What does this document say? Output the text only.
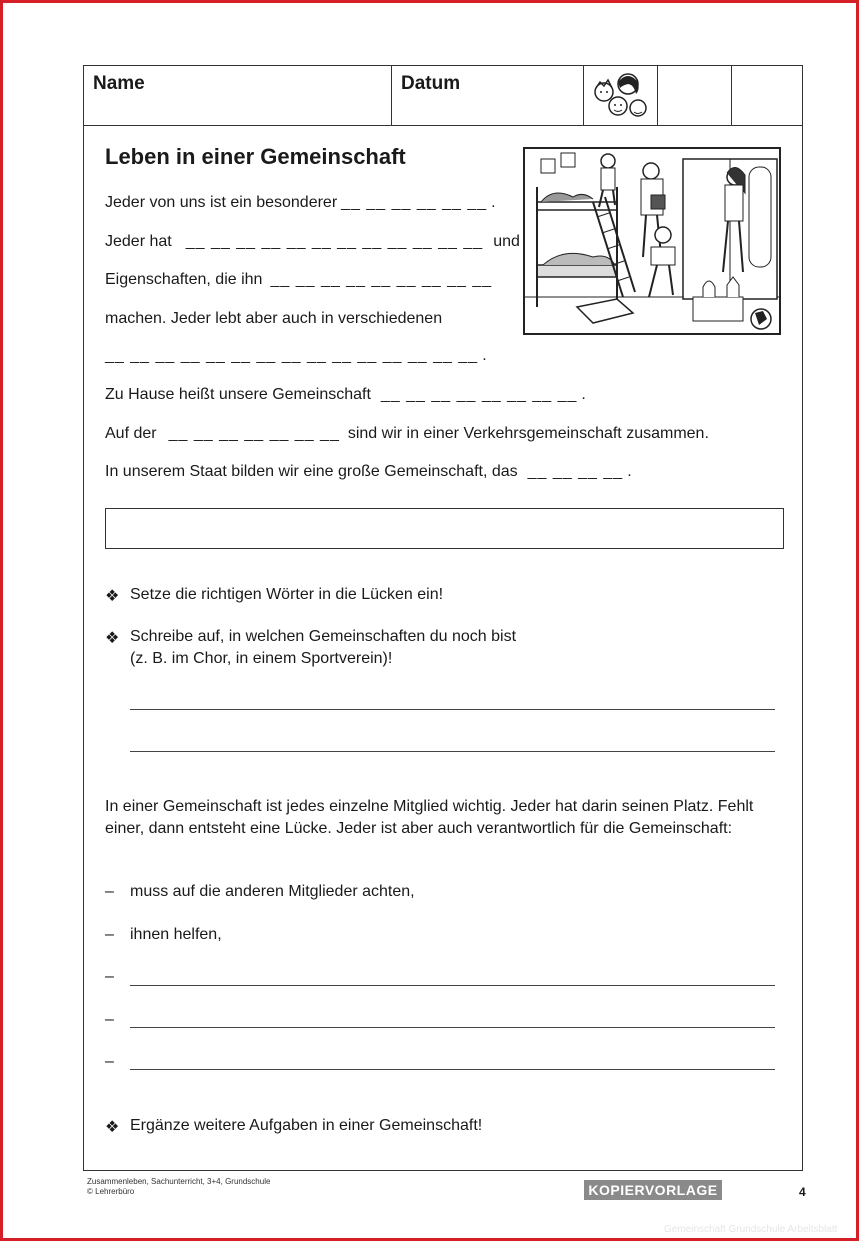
Name	Datum
Leben in einer Gemeinschaft
Jeder von uns ist ein besonderer __ __ __ __ __ __ .
Jeder hat __ __ __ __ __ __ __ __ __ __ __ __ und
Eigenschaften, die ihn __ __ __ __ __ __ __ __ __
machen. Jeder lebt aber auch in verschiedenen
__ __ __ __ __ __ __ __ __ __ __ __ __ __ __ .
Zu Hause heißt unsere Gemeinschaft __ __ __ __ __ __ __ __ .
Auf der __ __ __ __ __ __ __ sind wir in einer Verkehrsgemeinschaft zusammen.
In unserem Staat bilden wir eine große Gemeinschaft, das __ __ __ __ .
❖ Setze die richtigen Wörter in die Lücken ein!
❖ Schreibe auf, in welchen Gemeinschaften du noch bist
(z. B. im Chor, in einem Sportverein)!
In einer Gemeinschaft ist jedes einzelne Mitglied wichtig. Jeder hat darin seinen Platz. Fehlt einer, dann entsteht eine Lücke. Jeder ist aber auch verantwortlich für die Gemeinschaft:
– muss auf die anderen Mitglieder achten,
– ihnen helfen,
–
–
–
❖ Ergänze weitere Aufgaben in einer Gemeinschaft!
Zusammenleben, Sachunterricht, 3+4, Grundschule
© Lehrerbüro	KOPIERVORLAGE	4
Gemeinschaft Grundschule Arbeitsblatt
